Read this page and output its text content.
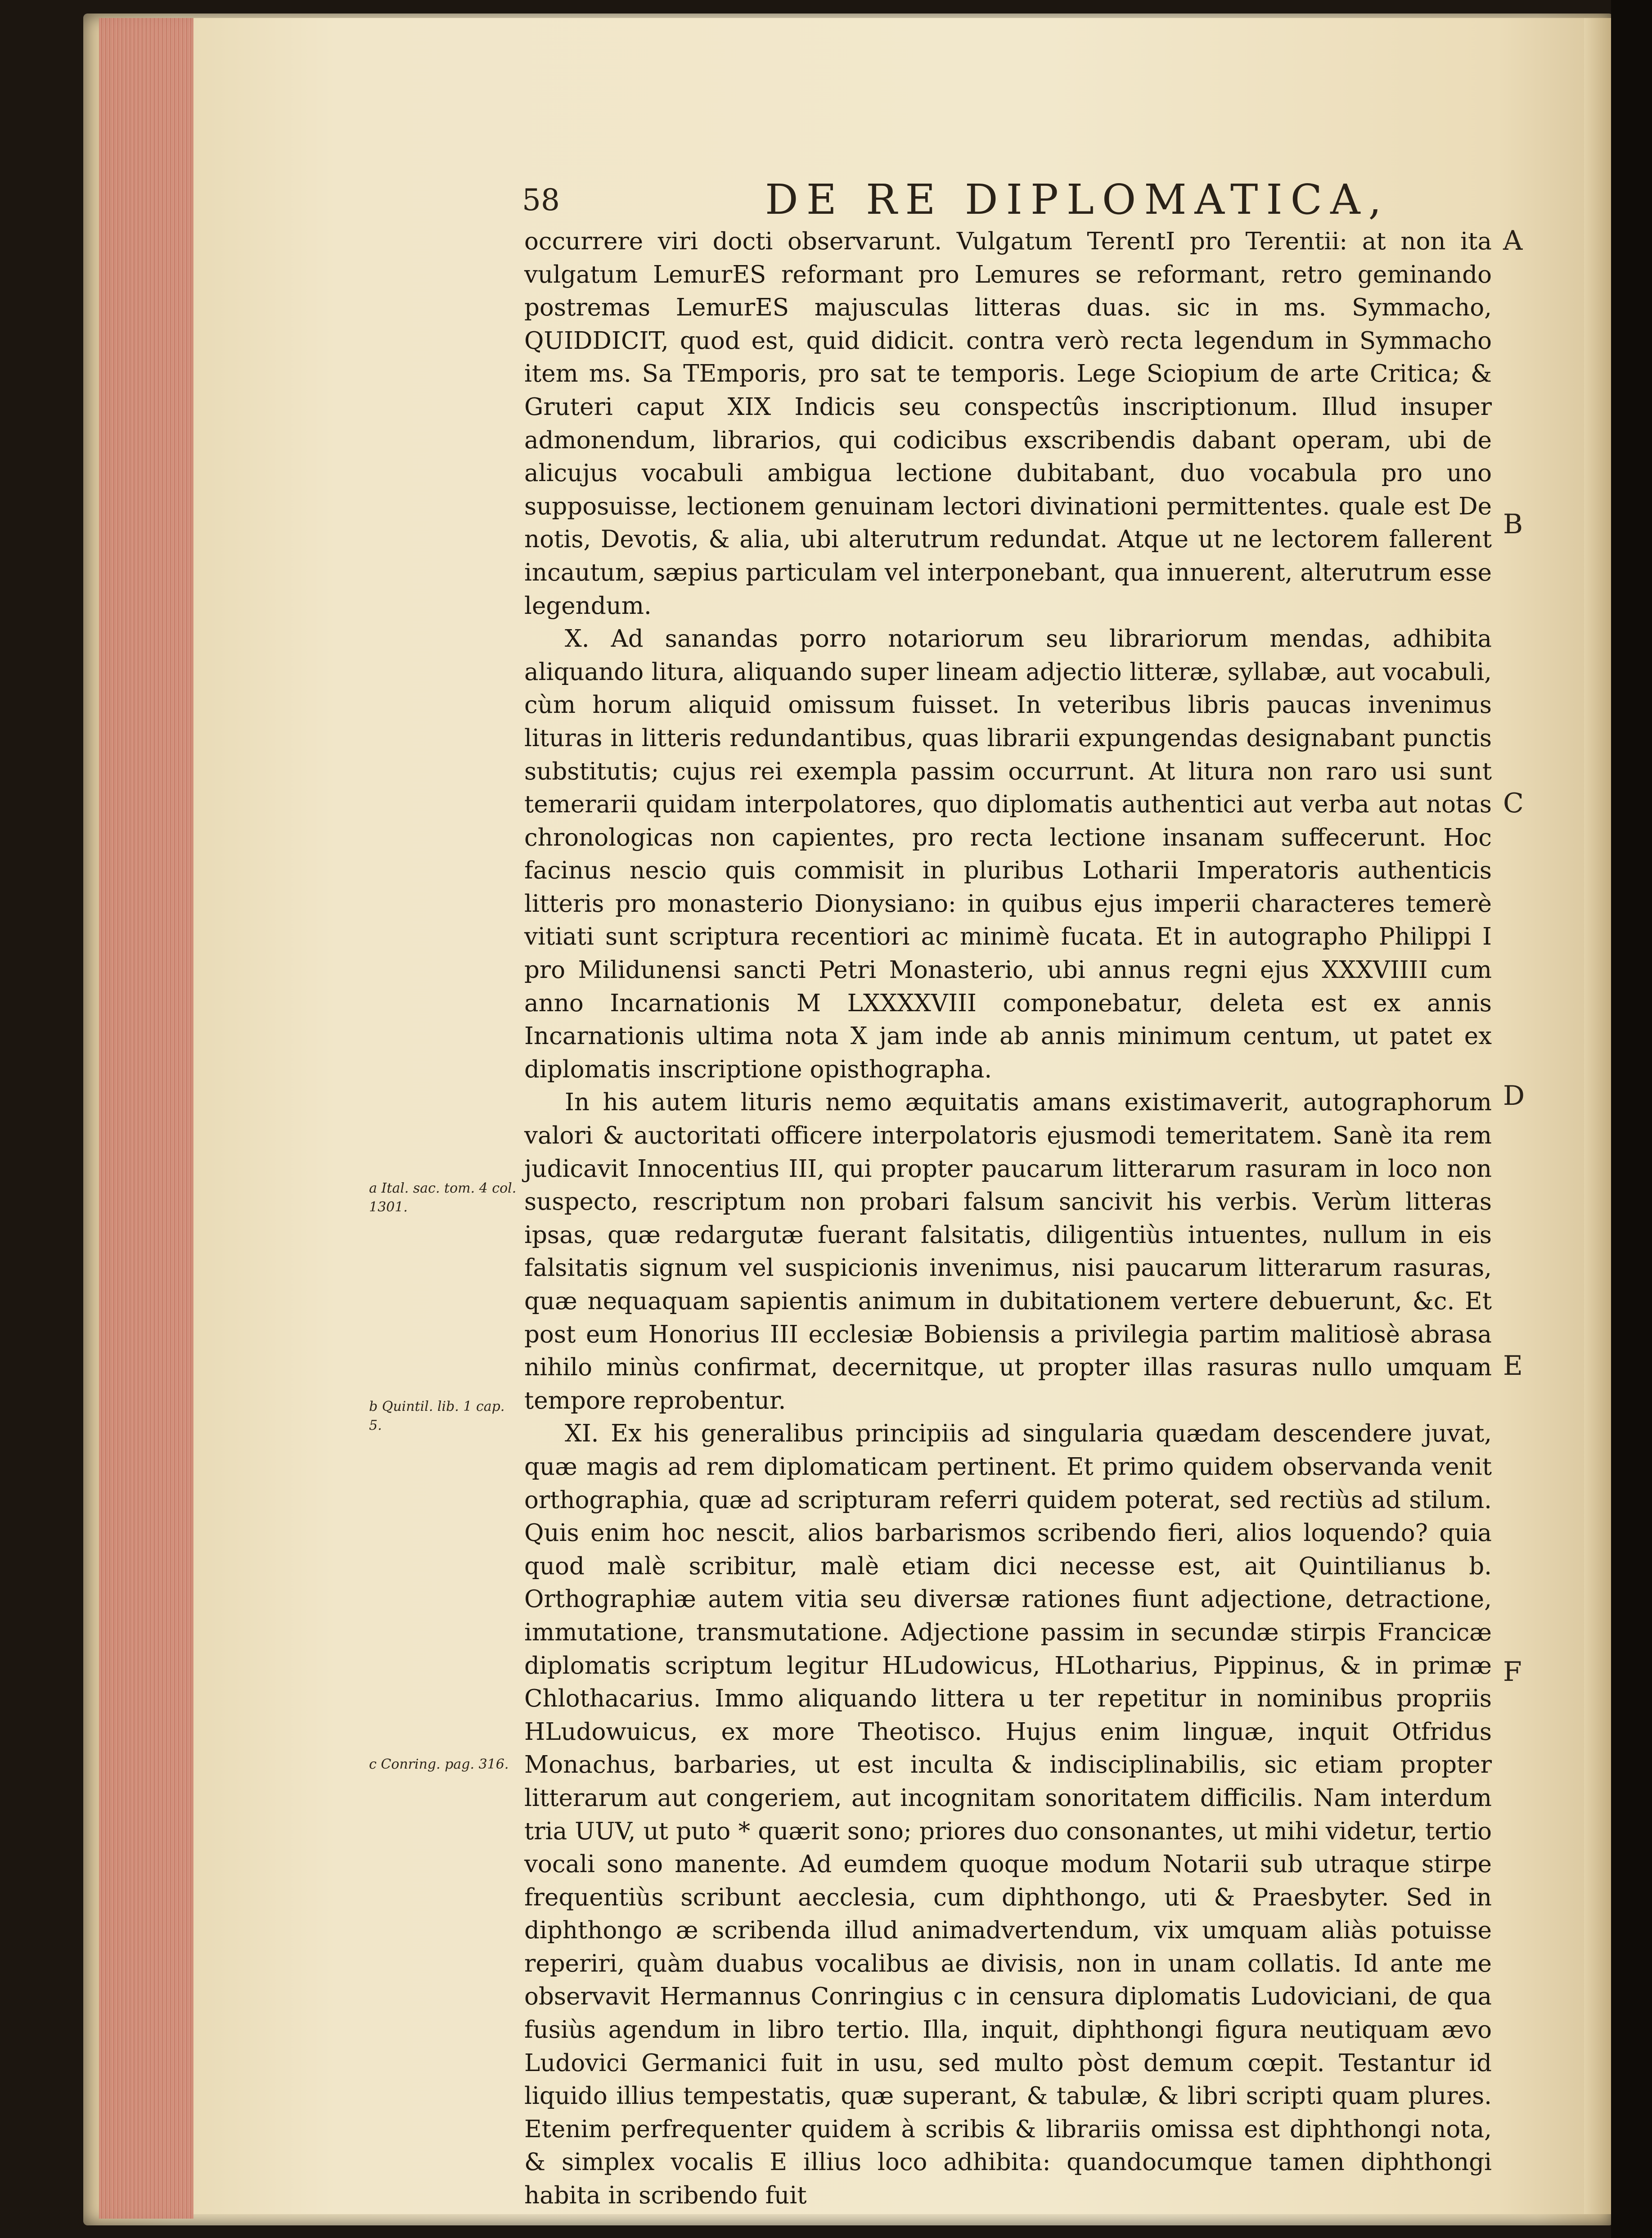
58	DE RE DIPLOMATICA,

occurrere viri docti observarunt. Vulgatum TerentI pro Terentii: at non ita vulgatum LemurES reformant pro Lemures se reformant, retro geminando postremas LemurES majusculas litteras duas. sic in ms. Symmacho, QUIDDICIT, quod est, quid didicit. contra verò recta legendum in Symmacho item ms. Sa TEmporis, pro sat te temporis. Lege Sciopium de arte Critica; & Gruteri caput XIX Indicis seu conspectûs inscriptionum. Illud insuper admonendum, librarios, qui codicibus exscribendis dabant operam, ubi de alicujus vocabuli ambigua lectione dubitabant, duo vocabula pro uno supposuisse, lectionem genuinam lectori divinationi permittentes. quale est De notis, Devotis, & alia, ubi alterutrum redundat. Atque ut ne lectorem fallerent incautum, sæpius particulam vel interponebant, qua innuerent, alterutrum esse legendum.

X. Ad sanandas porro notariorum seu librariorum mendas, adhibita aliquando litura, aliquando super lineam adjectio litteræ, syllabæ, aut vocabuli, cùm horum aliquid omissum fuisset. In veteribus libris paucas invenimus lituras in litteris redundantibus, quas librarii expungendas designabant punctis substitutis; cujus rei exempla passim occurrunt. At litura non raro usi sunt temerarii quidam interpolatores, quo diplomatis authentici aut verba aut notas chronologicas non capientes, pro recta lectione insanam suffecerunt. Hoc facinus nescio quis commisit in pluribus Lotharii Imperatoris authenticis litteris pro monasterio Dionysiano: in quibus ejus imperii characteres temerè vitiati sunt scriptura recentiori ac minimè fucata. Et in autographo Philippi I pro Milidunensi sancti Petri Monasterio, ubi annus regni ejus XXXVIIII cum anno Incarnationis M LXXXXVIII componebatur, deleta est ex annis Incarnationis ultima nota X jam inde ab annis minimum centum, ut patet ex diplomatis inscriptione opisthographa.

In his autem lituris nemo æquitatis amans existimaverit, autographorum valori & auctoritati officere interpolatoris ejusmodi temeritatem. Sanè ita rem judicavit Innocentius III, qui propter paucarum litterarum rasuram in loco non suspecto, rescriptum non probari falsum sancivit his verbis. Verùm litteras ipsas, quæ redargutæ fuerant falsitatis, diligentiùs intuentes, nullum in eis falsitatis signum vel suspicionis invenimus, nisi paucarum litterarum rasuras, quæ nequaquam sapientis animum in dubitationem vertere debuerunt, &c. Et post eum Honorius III ecclesiæ Bobiensis a privilegia partim malitiosè abrasa nihilo minùs confirmat, decernitque, ut propter illas rasuras nullo umquam tempore reprobentur.

XI. Ex his generalibus principiis ad singularia quædam descendere juvat, quæ magis ad rem diplomaticam pertinent. Et primo quidem observanda venit orthographia, quæ ad scripturam referri quidem poterat, sed rectiùs ad stilum. Quis enim hoc nescit, alios barbarismos scribendo fieri, alios loquendo? quia quod malè scribitur, malè etiam dici necesse est, ait Quintilianus b. Orthographiæ autem vitia seu diversæ rationes fiunt adjectione, detractione, immutatione, transmutatione. Adjectione passim in secundæ stirpis Francicæ diplomatis scriptum legitur HLudowicus, HLotharius, Pippinus, & in primæ Chlothacarius. Immo aliquando littera u ter repetitur in nominibus propriis HLudowuicus, ex more Theotisco. Hujus enim linguæ, inquit Otfridus Monachus, barbaries, ut est inculta & indisciplinabilis, sic etiam propter litterarum aut congeriem, aut incognitam sonoritatem difficilis. Nam interdum tria UUV, ut puto * quærit sono; priores duo consonantes, ut mihi videtur, tertio vocali sono manente. Ad eumdem quoque modum Notarii sub utraque stirpe frequentiùs scribunt aecclesia, cum diphthongo, uti & Praesbyter. Sed in diphthongo æ scribenda illud animadvertendum, vix umquam aliàs potuisse reperiri, quàm duabus vocalibus ae divisis, non in unam collatis. Id ante me observavit Hermannus Conringius c in censura diplomatis Ludoviciani, de qua fusiùs agendum in libro tertio. Illa, inquit, diphthongi figura neutiquam ævo Ludovici Germanici fuit in usu, sed multo pòst demum cœpit. Testantur id liquido illius tempestatis, quæ superant, & tabulæ, & libri scripti quam plures. Etenim perfrequenter quidem à scribis & librariis omissa est diphthongi nota, & simplex vocalis E illius loco adhibita: quandocumque tamen diphthongi habita in scribendo fuit

a Ital. sac. tom. 4 col. 1301.
b Quintil. lib. 1 cap. 5.
c Conring. pag. 316.
A
B
C
D
E
F
